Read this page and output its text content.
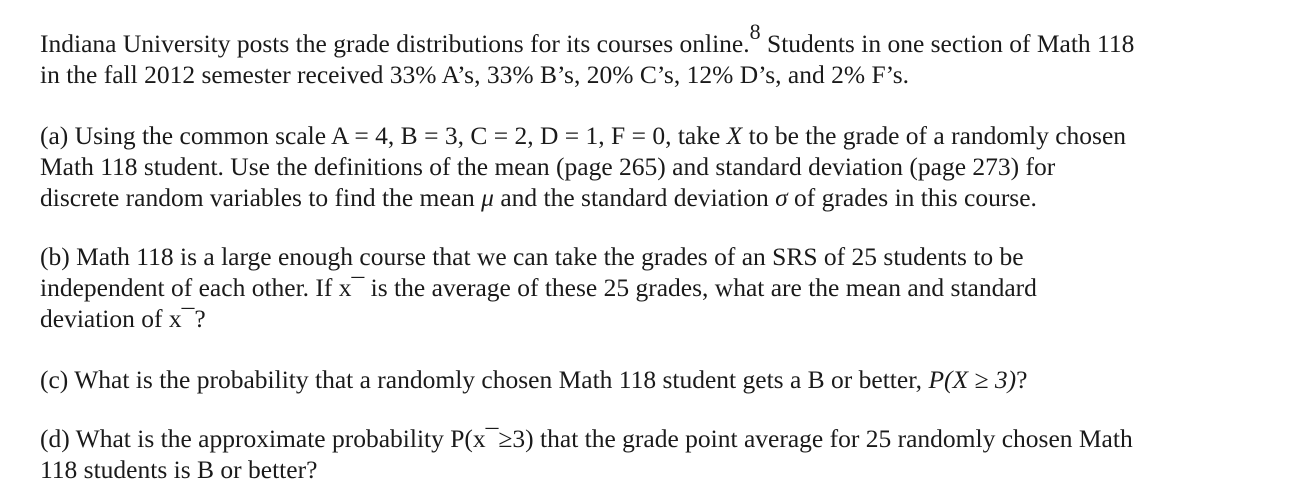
Indiana University posts the grade distributions for its courses online.$^8$ Students in one section of Math 118
in the fall 2012 semester received 33% A’s, 33% B’s, 20% C’s, 12% D’s, and 2% F’s.

(a) Using the common scale A = 4, B = 3, C = 2, D = 1, F = 0, take X to be the grade of a randomly chosen
Math 118 student. Use the definitions of the mean (page 265) and standard deviation (page 273) for
discrete random variables to find the mean μ and the standard deviation σ of grades in this course.

(b) Math 118 is a large enough course that we can take the grades of an SRS of 25 students to be
independent of each other. If x¯ is the average of these 25 grades, what are the mean and standard
deviation of x¯?

(c) What is the probability that a randomly chosen Math 118 student gets a B or better, P(X ≥ 3)?

(d) What is the approximate probability P(x¯≥3) that the grade point average for 25 randomly chosen Math
118 students is B or better?
